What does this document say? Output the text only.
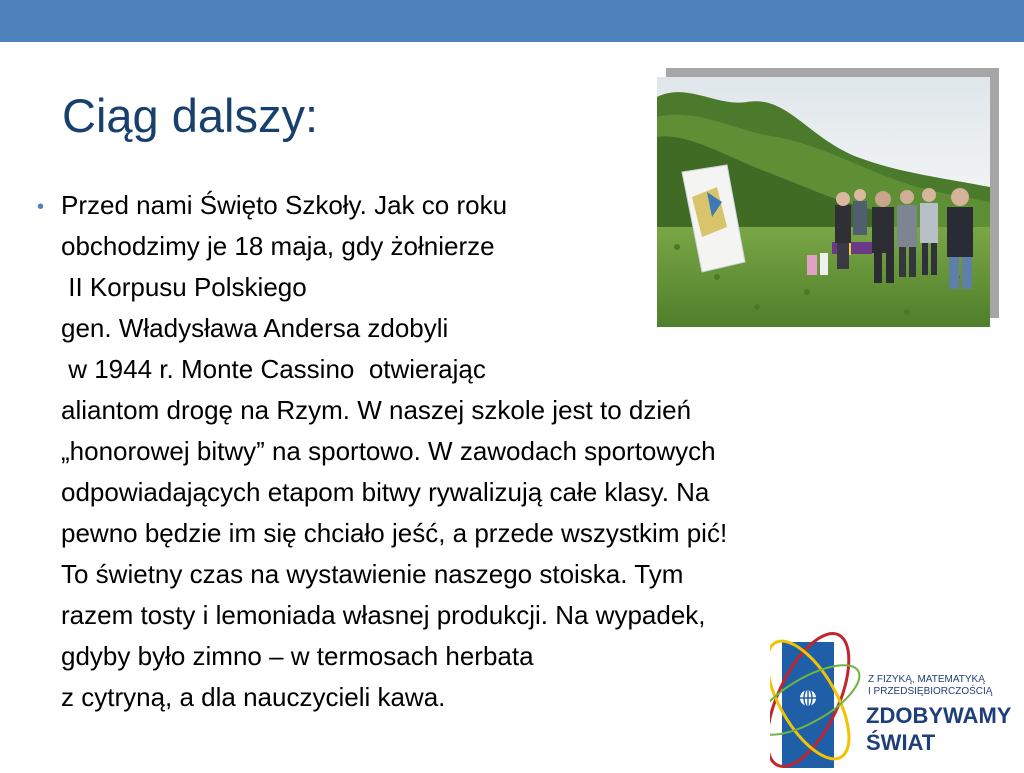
Ciąg dalszy:
• Przed nami Święto Szkoły. Jak co roku
obchodzimy je 18 maja, gdy żołnierze
II Korpusu Polskiego
gen. Władysława Andersa zdobyli
w 1944 r. Monte Cassino  otwierając
aliantom drogę na Rzym. W naszej szkole jest to dzień
„honorowej bitwy” na sportowo. W zawodach sportowych
odpowiadających etapom bitwy rywalizują całe klasy. Na
pewno będzie im się chciało jeść, a przede wszystkim pić!
To świetny czas na wystawienie naszego stoiska. Tym
razem tosty i lemoniada własnej produkcji. Na wypadek,
gdyby było zimno – w termosach herbata
z cytryną, a dla nauczycieli kawa.
Z FIZYKĄ, MATEMATYKĄ
I PRZEDSIĘBIORCZOŚCIĄ
ZDOBYWAMY
ŚWIAT
